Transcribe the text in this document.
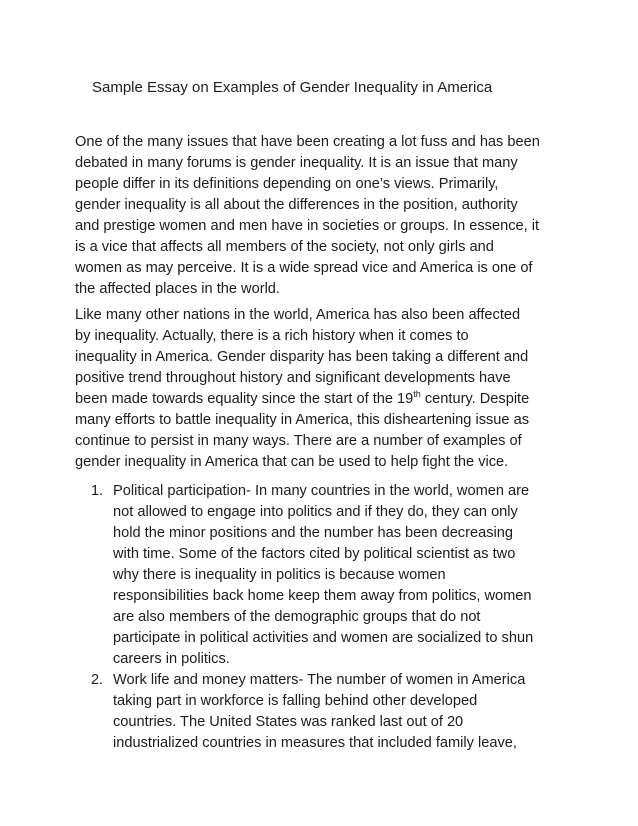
Sample Essay on Examples of Gender Inequality in America
One of the many issues that have been creating a lot fuss and has been
debated in many forums is gender inequality. It is an issue that many
people differ in its definitions depending on one’s views. Primarily,
gender inequality is all about the differences in the position, authority
and prestige women and men have in societies or groups. In essence, it
is a vice that affects all members of the society, not only girls and
women as may perceive. It is a wide spread vice and America is one of
the affected places in the world.
Like many other nations in the world, America has also been affected
by inequality. Actually, there is a rich history when it comes to
inequality in America. Gender disparity has been taking a different and
positive trend throughout history and significant developments have
been made towards equality since the start of the 19th century. Despite
many efforts to battle inequality in America, this disheartening issue as
continue to persist in many ways. There are a number of examples of
gender inequality in America that can be used to help fight the vice.
1. Political participation- In many countries in the world, women are
not allowed to engage into politics and if they do, they can only
hold the minor positions and the number has been decreasing
with time. Some of the factors cited by political scientist as two
why there is inequality in politics is because women
responsibilities back home keep them away from politics, women
are also members of the demographic groups that do not
participate in political activities and women are socialized to shun
careers in politics.
2. Work life and money matters- The number of women in America
taking part in workforce is falling behind other developed
countries. The United States was ranked last out of 20
industrialized countries in measures that included family leave,
